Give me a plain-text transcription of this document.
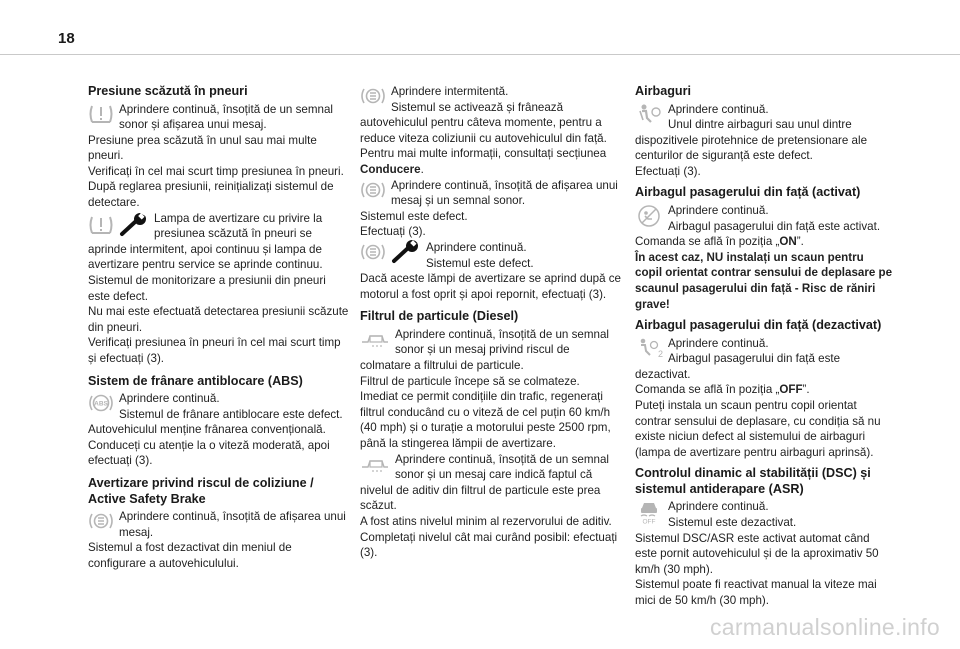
18
Presiune scăzută în pneuri

Aprindere continuă, însoțită de un semnal sonor și afișarea unui mesaj.

Presiune prea scăzută în unul sau mai multe pneuri.

Verificați în cel mai scurt timp presiunea în pneuri.

După reglarea presiunii, reinițializați sistemul de detectare.

Lampa de avertizare cu privire la presiunea scăzută în pneuri se aprinde intermitent, apoi continuu și lampa de avertizare pentru service se aprinde continuu.

Sistemul de monitorizare a presiunii din pneuri este defect.

Nu mai este efectuată detectarea presiunii scăzute din pneuri.

Verificați presiunea în pneuri în cel mai scurt timp și efectuați (3).

Sistem de frânare antiblocare (ABS)
ABS Aprindere continuă.

Sistemul de frânare antiblocare este defect.

Autovehiculul menține frânarea convențională.

Conduceți cu atenție la o viteză moderată, apoi efectuați (3).

Avertizare privind riscul de coliziune / Active Safety Brake

Aprindere continuă, însoțită de afișarea unui mesaj.

Sistemul a fost dezactivat din meniul de configurare a autovehiculului.

Aprindere intermitentă.

Sistemul se activează și frânează autovehiculul pentru câteva momente, pentru a reduce viteza coliziunii cu autovehiculul din față.

Pentru mai multe informații, consultați secțiunea Conducere.

Aprindere continuă, însoțită de afișarea unui mesaj și un semnal sonor.

Sistemul este defect.

Efectuați (3).

Aprindere continuă.

Sistemul este defect.

Dacă aceste lămpi de avertizare se aprind după ce motorul a fost oprit și apoi repornit, efectuați (3).

Filtrul de particule (Diesel)

Aprindere continuă, însoțită de un semnal sonor și un mesaj privind riscul de colmatare a filtrului de particule.

Filtrul de particule începe să se colmateze.

Imediat ce permit condițiile din trafic, regenerați filtrul conducând cu o viteză de cel puțin 60 km/h (40 mph) și o turație a motorului peste 2500 rpm, până la stingerea lămpii de avertizare.

Aprindere continuă, însoțită de un semnal sonor și un mesaj care indică faptul că nivelul de aditiv din filtrul de particule este prea scăzut.

A fost atins nivelul minim al rezervorului de aditiv.

Completați nivelul cât mai curând posibil: efectuați (3).

Airbaguri

Aprindere continuă.

Unul dintre airbaguri sau unul dintre dispozitivele pirotehnice de pretensionare ale centurilor de siguranță este defect.

Efectuați (3).

Airbagul pasagerului din față (activat)

Aprindere continuă.

Airbagul pasagerului din față este activat.

Comanda se află în poziția „ON”.

În acest caz, NU instalați un scaun pentru copil orientat contrar sensului de deplasare pe scaunul pasagerului din față - Risc de răniri grave!

Airbagul pasagerului din față (dezactivat)
2

Aprindere continuă.

Airbagul pasagerului din față este dezactivat.

Comanda se află în poziția „OFF”.

Puteți instala un scaun pentru copil orientat contrar sensului de deplasare, cu condiția să nu existe niciun defect al sistemului de airbaguri (lampa de avertizare pentru airbaguri aprinsă).

Controlul dinamic al stabilității (DSC) și sistemul antiderapare (ASR)
OFF

Aprindere continuă.

Sistemul este dezactivat.

Sistemul DSC/ASR este activat automat când este pornit autovehiculul și de la aproximativ 50 km/h (30 mph).

Sistemul poate fi reactivat manual la viteze mai mici de 50 km/h (30 mph).

carmanualsonline.info
